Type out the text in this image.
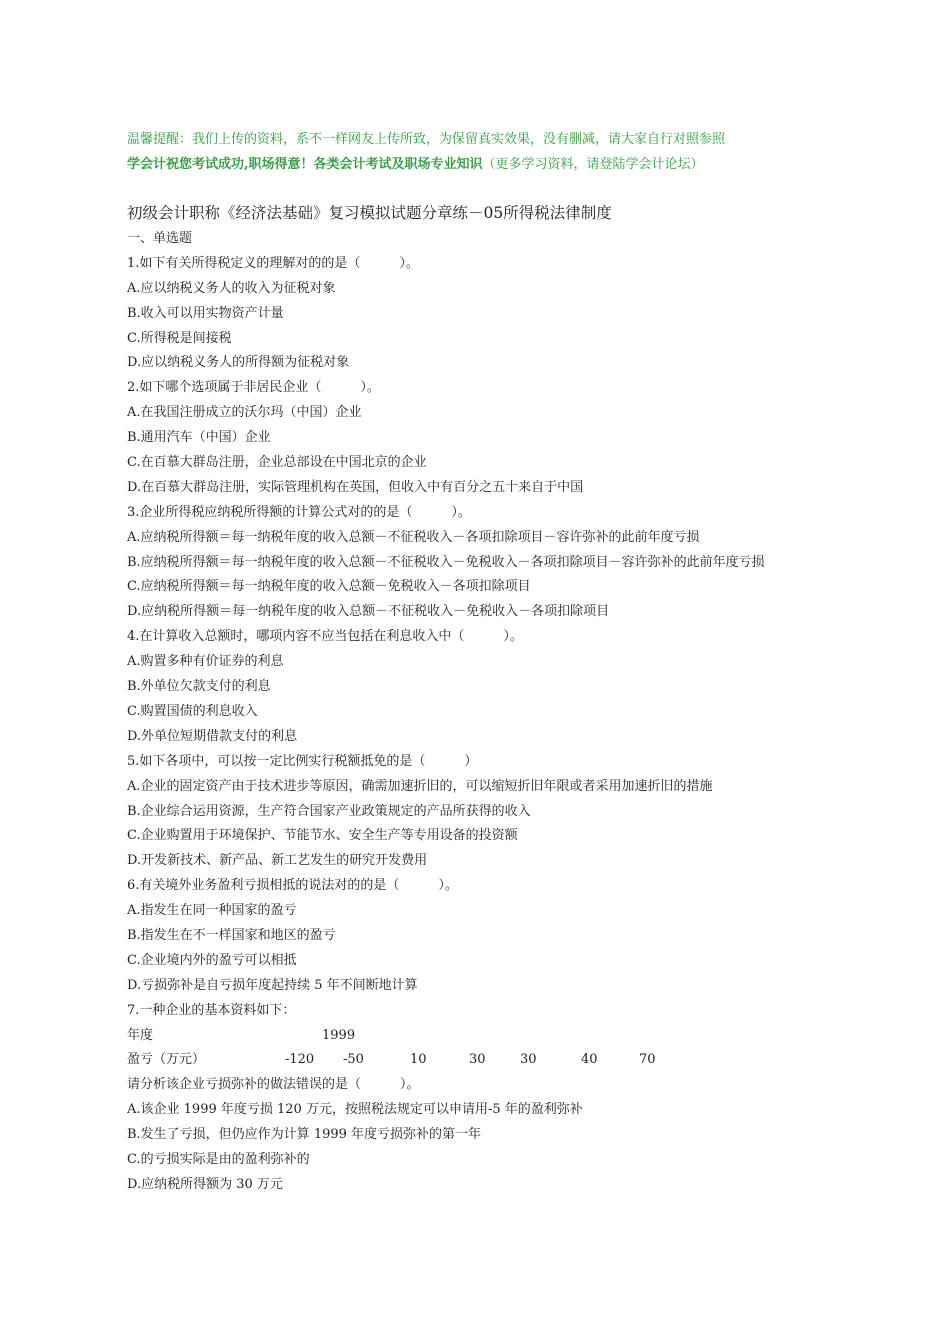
温馨提醒：我们上传的资料，系不一样网友上传所致，为保留真实效果，没有删减，请大家自行对照参照
学会计祝您考试成功,职场得意！各类会计考试及职场专业知识（更多学习资料，请登陆学会计论坛）
初级会计职称《经济法基础》复习模拟试题分章练－05所得税法律制度
一、单选题
1.如下有关所得税定义的理解对的的是（　　　）。
A.应以纳税义务人的收入为征税对象
B.收入可以用实物资产计量
C.所得税是间接税
D.应以纳税义务人的所得额为征税对象
2.如下哪个选项属于非居民企业（　　　）。
A.在我国注册成立的沃尔玛（中国）企业
B.通用汽车（中国）企业
C.在百慕大群岛注册，企业总部设在中国北京的企业
D.在百慕大群岛注册，实际管理机构在英国，但收入中有百分之五十来自于中国
3.企业所得税应纳税所得额的计算公式对的的是（　　　）。
A.应纳税所得额＝每一纳税年度的收入总额－不征税收入－各项扣除项目－容许弥补的此前年度亏损
B.应纳税所得额＝每一纳税年度的收入总额－不征税收入－免税收入－各项扣除项目－容许弥补的此前年度亏损
C.应纳税所得额＝每一纳税年度的收入总额－免税收入－各项扣除项目
D.应纳税所得额＝每一纳税年度的收入总额－不征税收入－免税收入－各项扣除项目
4.在计算收入总额时，哪项内容不应当包括在利息收入中（　　　）。
A.购置多种有价证券的利息
B.外单位欠款支付的利息
C.购置国债的利息收入
D.外单位短期借款支付的利息
5.如下各项中，可以按一定比例实行税额抵免的是（　　　）
A.企业的固定资产由于技术进步等原因，确需加速折旧的，可以缩短折旧年限或者采用加速折旧的措施
B.企业综合运用资源，生产符合国家产业政策规定的产品所获得的收入
C.企业购置用于环境保护、节能节水、安全生产等专用设备的投资额
D.开发新技术、新产品、新工艺发生的研究开发费用
6.有关境外业务盈利亏损相抵的说法对的的是（　　　）。
A.指发生在同一种国家的盈亏
B.指发生在不一样国家和地区的盈亏
C.企业境内外的盈亏可以相抵
D.亏损弥补是自亏损年度起持续 5 年不间断地计算
7.一种企业的基本资料如下：
年度	1999
盈亏（万元）	-120 -50	10	30	30	40	70
请分析该企业亏损弥补的做法错误的是（　　　）。
A.该企业 1999 年度亏损 120 万元，按照税法规定可以申请用-5 年的盈利弥补
B.发生了亏损，但仍应作为计算 1999 年度亏损弥补的第一年
C.的亏损实际是由的盈利弥补的
D.应纳税所得额为 30 万元
